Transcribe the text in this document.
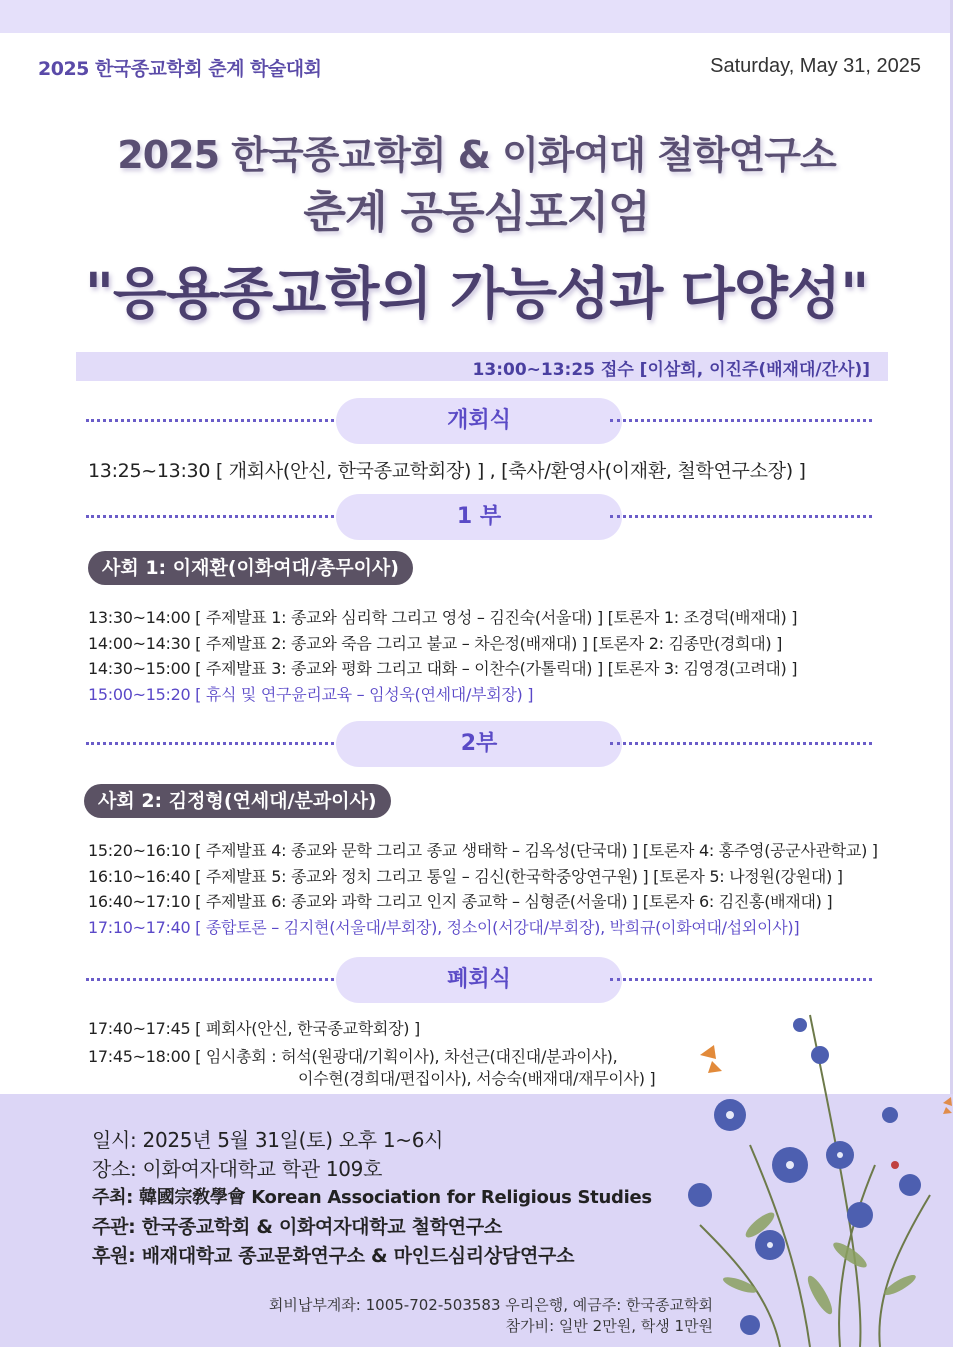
2025 한국종교학회 춘계 학술대회	Saturday, May 31, 2025
2025 한국종교학회 & 이화여대 철학연구소
춘계 공동심포지엄
"응용종교학의 가능성과 다양성"
13:00~13:25 접수 [이삼희, 이진주(배재대/간사)]
개회식
13:25~13:30 [ 개회사(안신, 한국종교학회장) ] , [축사/환영사(이재환, 철학연구소장) ]
1 부
사회 1: 이재환(이화여대/총무이사)
13:30~14:00 [ 주제발표 1: 종교와 심리학 그리고 영성 – 김진숙(서울대) ] [토론자 1: 조경덕(배재대) ]
14:00~14:30 [ 주제발표 2: 종교와 죽음 그리고 불교 – 차은정(배재대) ] [토론자 2: 김종만(경희대) ]
14:30~15:00 [ 주제발표 3: 종교와 평화 그리고 대화 – 이찬수(가톨릭대) ] [토론자 3: 김영경(고려대) ]
15:00~15:20 [ 휴식 및 연구윤리교육 – 임성욱(연세대/부회장) ]
2부
사회 2: 김정형(연세대/분과이사)
15:20~16:10 [ 주제발표 4: 종교와 문학 그리고 종교 생태학 – 김옥성(단국대) ] [토론자 4: 홍주영(공군사관학교) ]
16:10~16:40 [ 주제발표 5: 종교와 정치 그리고 통일 – 김신(한국학중앙연구원) ] [토론자 5: 나정원(강원대) ]
16:40~17:10 [ 주제발표 6: 종교와 과학 그리고 인지 종교학 – 심형준(서울대) ] [토론자 6: 김진홍(배재대) ]
17:10~17:40 [ 종합토론 – 김지현(서울대/부회장), 정소이(서강대/부회장), 박희규(이화여대/섭외이사)]
폐회식
17:40~17:45 [ 폐회사(안신, 한국종교학회장) ]
17:45~18:00 [ 임시총회 : 허석(원광대/기획이사), 차선근(대진대/분과이사),
이수현(경희대/편집이사), 서승숙(배재대/재무이사) ]
일시: 2025년 5월 31일(토) 오후 1~6시
장소: 이화여자대학교 학관 109호
주최: 韓國宗敎學會 Korean Association for Religious Studies
주관: 한국종교학회 & 이화여자대학교 철학연구소
후원: 배재대학교 종교문화연구소 & 마인드심리상담연구소
회비납부계좌: 1005-702-503583 우리은행, 예금주: 한국종교학회
참가비: 일반 2만원, 학생 1만원
